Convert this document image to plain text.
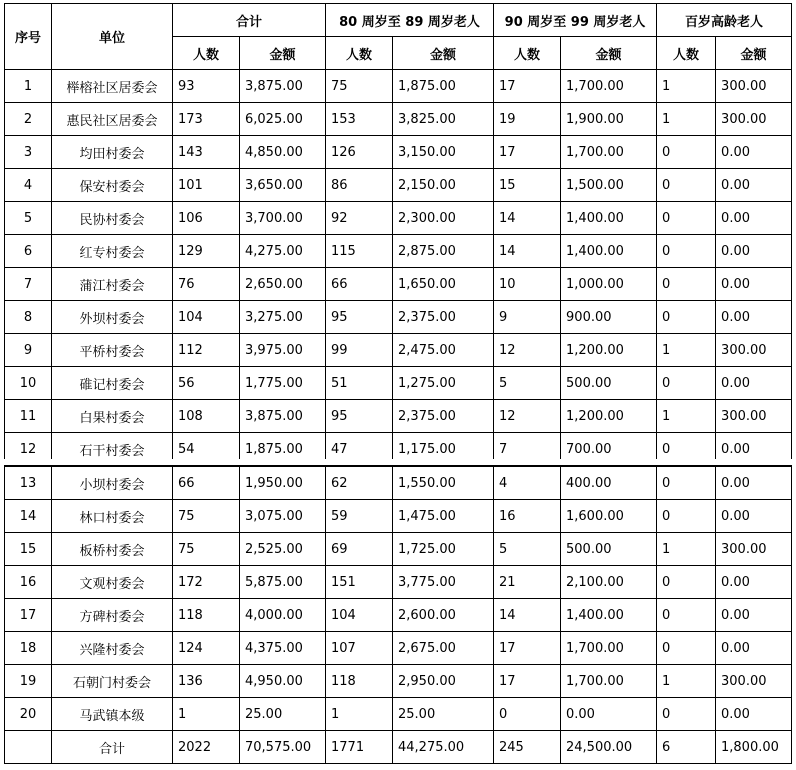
序号	单位	合计		80 周岁至 89 周岁老人		90 周岁至 99 周岁老人		百岁高龄老人	
		人数	金额	人数	金额	人数	金额	人数	金额
1	榉榕社区居委会	93	3,875.00	75	1,875.00	17	1,700.00	1	300.00
2	惠民社区居委会	173	6,025.00	153	3,825.00	19	1,900.00	1	300.00
3	均田村委会	143	4,850.00	126	3,150.00	17	1,700.00	0	0.00
4	保安村委会	101	3,650.00	86	2,150.00	15	1,500.00	0	0.00
5	民协村委会	106	3,700.00	92	2,300.00	14	1,400.00	0	0.00
6	红专村委会	129	4,275.00	115	2,875.00	14	1,400.00	0	0.00
7	蒲江村委会	76	2,650.00	66	1,650.00	10	1,000.00	0	0.00
8	外坝村委会	104	3,275.00	95	2,375.00	9	900.00	0	0.00
9	平桥村委会	112	3,975.00	99	2,475.00	12	1,200.00	1	300.00
10	碓记村委会	56	1,775.00	51	1,275.00	5	500.00	0	0.00
11	白果村委会	108	3,875.00	95	2,375.00	12	1,200.00	1	300.00
12	石干村委会	54	1,875.00	47	1,175.00	7	700.00	0	0.00
13	小坝村委会	66	1,950.00	62	1,550.00	4	400.00	0	0.00
14	林口村委会	75	3,075.00	59	1,475.00	16	1,600.00	0	0.00
15	板桥村委会	75	2,525.00	69	1,725.00	5	500.00	1	300.00
16	文观村委会	172	5,875.00	151	3,775.00	21	2,100.00	0	0.00
17	方碑村委会	118	4,000.00	104	2,600.00	14	1,400.00	0	0.00
18	兴隆村委会	124	4,375.00	107	2,675.00	17	1,700.00	0	0.00
19	石朝门村委会	136	4,950.00	118	2,950.00	17	1,700.00	1	300.00
20	马武镇本级	1	25.00	1	25.00	0	0.00	0	0.00
	合计	2022	70,575.00	1771	44,275.00	245	24,500.00	6	1,800.00
